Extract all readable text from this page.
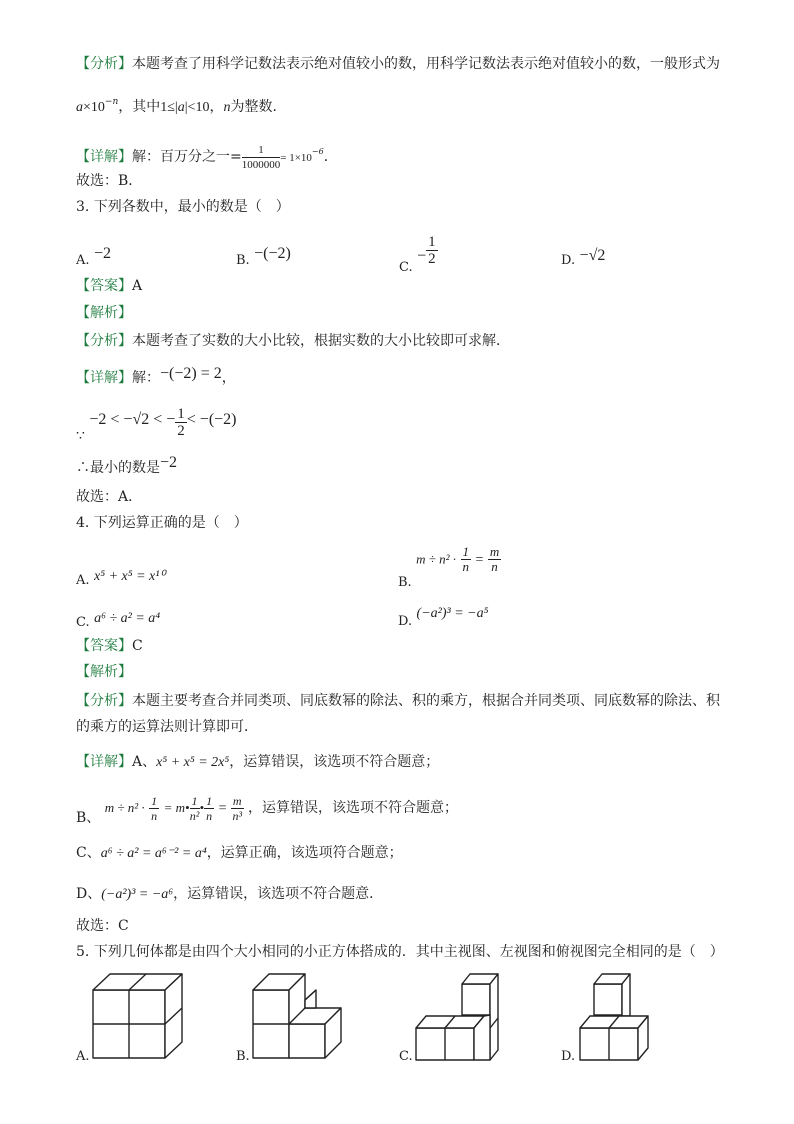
【分析】本题考查了用科学记数法表示绝对值较小的数，用科学记数法表示绝对值较小的数，一般形式为
$a\times 10^{-n}$，其中1≤|a|<10，n为整数．
【详解】解：百万分之一= $\frac{1}{1000000} = 1\times 10^{-6}$．
故选：B．
3. 下列各数中，最小的数是（　）
A. −2	B. −(−2)
C. − $\frac{1}{2}$	D. −√2
【答案】A
【解析】
【分析】本题考查了实数的大小比较，根据实数的大小比较即可求解．
【详解】解：−(−2) = 2，
∵ −2 < −√2 < − $\frac{1}{2} < -(-2)$
∴最小的数是−2
故选：A．
4. 下列运算正确的是（　）
A. x⁵ + x⁵ = x¹⁰	B. $m \div n^2 \cdot \frac{1}{n} = \frac{m}{n}$
C. a⁶ ÷ a² = a⁴	D. (−a²)³ = −a⁵
【答案】C
【解析】
【分析】本题主要考查合并同类项、同底数幂的除法、积的乘方，根据合并同类项、同底数幂的除法、积
的乘方的运算法则计算即可．
【详解】A、x⁵ + x⁵ = 2x⁵，运算错误，该选项不符合题意；
B、 $m \div n^2 \cdot \frac{1}{n}$ = m• $\frac{1}{\text{n²}}$ • $\frac{1}{n} = \frac{m}{\text{n³}}$ ，运算错误，该选项不符合题意；
C、a⁶ ÷ a² = a⁶⁻² = a⁴，运算正确，该选项符合题意；
D、(−a²)³ = −a⁶，运算错误，该选项不符合题意．
故选：C
5. 下列几何体都是由四个大小相同的小正方体搭成的．其中主视图、左视图和俯视图完全相同的是（　）
A.	B.	C.	D.
